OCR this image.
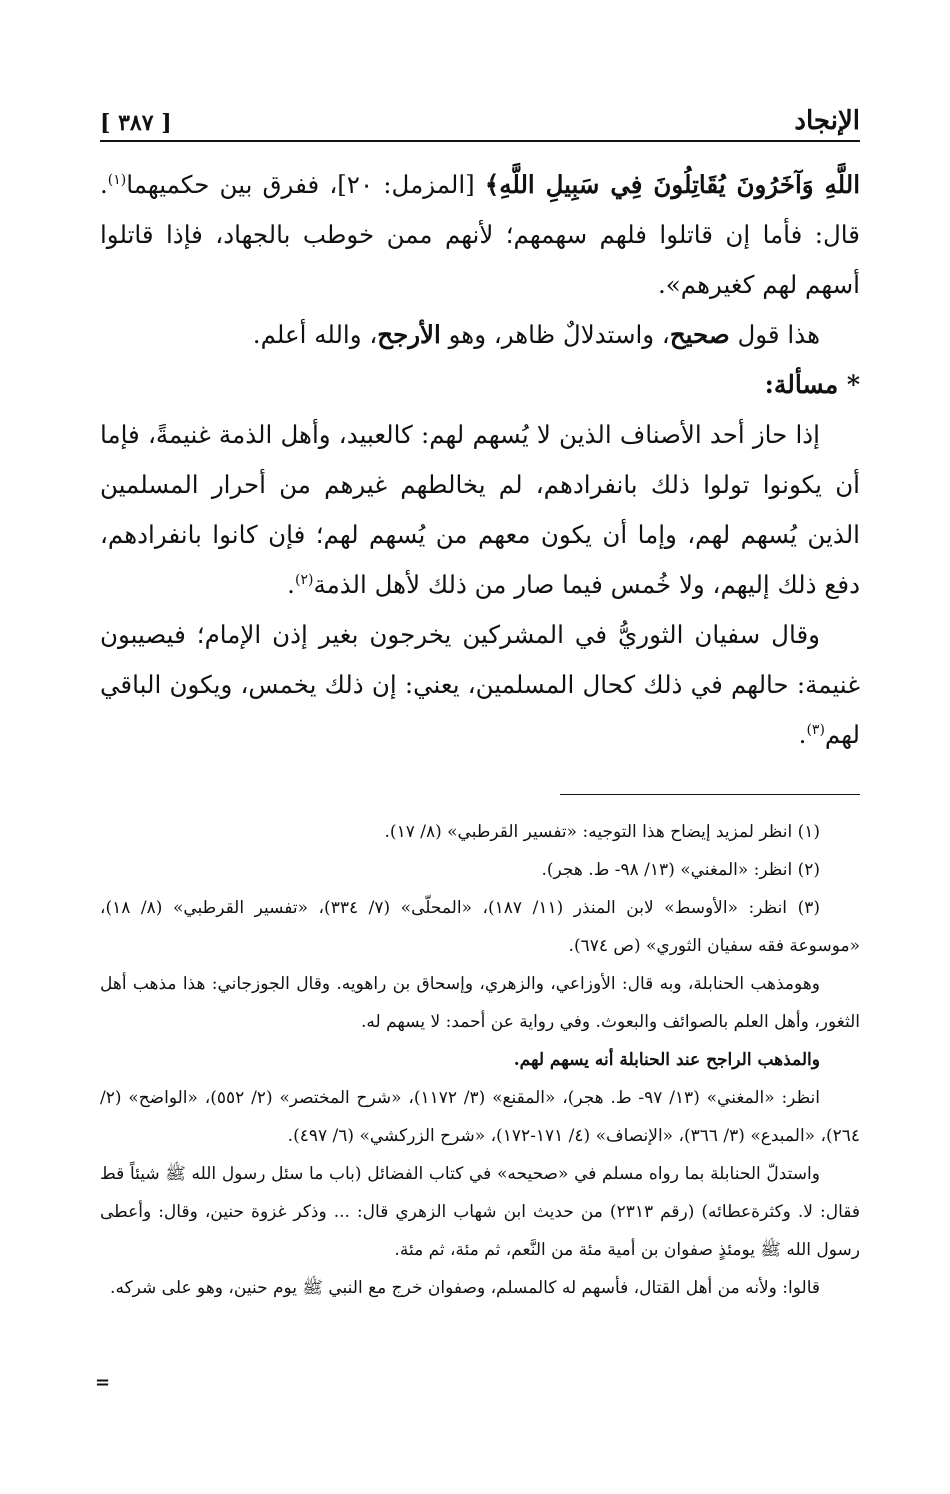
الإنجاد
[ ٣٨٧ ]

اللَّهِ وَآخَرُونَ يُقَاتِلُونَ فِي سَبِيلِ اللَّهِ﴾ [المزمل: ٢٠]، ففرق بين حكميهما$^{(١)}$. قال: فأما إن قاتلوا فلهم سهمهم؛ لأنهم ممن خوطب بالجهاد، فإذا قاتلوا أسهم لهم كغيرهم».

هذا قول صحيح، واستدلالٌ ظاهر، وهو الأرجح، والله أعلم.

* مسألة:

إذا حاز أحد الأصناف الذين لا يُسهم لهم: كالعبيد، وأهل الذمة غنيمةً، فإما أن يكونوا تولوا ذلك بانفرادهم، لم يخالطهم غيرهم من أحرار المسلمين الذين يُسهم لهم، وإما أن يكون معهم من يُسهم لهم؛ فإن كانوا بانفرادهم، دفع ذلك إليهم، ولا خُمس فيما صار من ذلك لأهل الذمة$^{(٢)}$.

وقال سفيان الثوريُّ في المشركين يخرجون بغير إذن الإمام؛ فيصيبون غنيمة: حالهم في ذلك كحال المسلمين، يعني: إن ذلك يخمس، ويكون الباقي لهم$^{(٣)}$.

(١) انظر لمزيد إيضاح هذا التوجيه: «تفسير القرطبي» (٨/ ١٧).

(٢) انظر: «المغني» (١٣/ ٩٨- ط. هجر).

(٣) انظر: «الأوسط» لابن المنذر (١١/ ١٨٧)، «المحلّى» (٧/ ٣٣٤)، «تفسير القرطبي» (٨/ ١٨)، «موسوعة فقه سفيان الثوري» (ص ٦٧٤).

وهومذهب الحنابلة، وبه قال: الأوزاعي، والزهري، وإسحاق بن راهويه. وقال الجوزجاني: هذا مذهب أهل الثغور، وأهل العلم بالصوائف والبعوث. وفي رواية عن أحمد: لا يسهم له.

والمذهب الراجح عند الحنابلة أنه يسهم لهم.

انظر: «المغني» (١٣/ ٩٧- ط. هجر)، «المقنع» (٣/ ١١٧٢)، «شرح المختصر» (٢/ ٥٥٢)، «الواضح» (٢/ ٢٦٤)، «المبدع» (٣/ ٣٦٦)، «الإنصاف» (٤/ ١٧١-١٧٢)، «شرح الزركشي» (٦/ ٤٩٧).

واستدلّ الحنابلة بما رواه مسلم في «صحيحه» في كتاب الفضائل (باب ما سئل رسول الله ﷺ شيئاً قط فقال: لا. وكثرةعطائه) (رقم ٢٣١٣) من حديث ابن شهاب الزهري قال: ... وذكر غزوة حنين، وقال: وأعطى رسول الله ﷺ يومئذٍ صفوان بن أمية مئة من النَّعم، ثم مئة، ثم مئة.

قالوا: ولأنه من أهل القتال، فأسهم له كالمسلم، وصفوان خرج مع النبي ﷺ يوم حنين، وهو على شركه.

=
